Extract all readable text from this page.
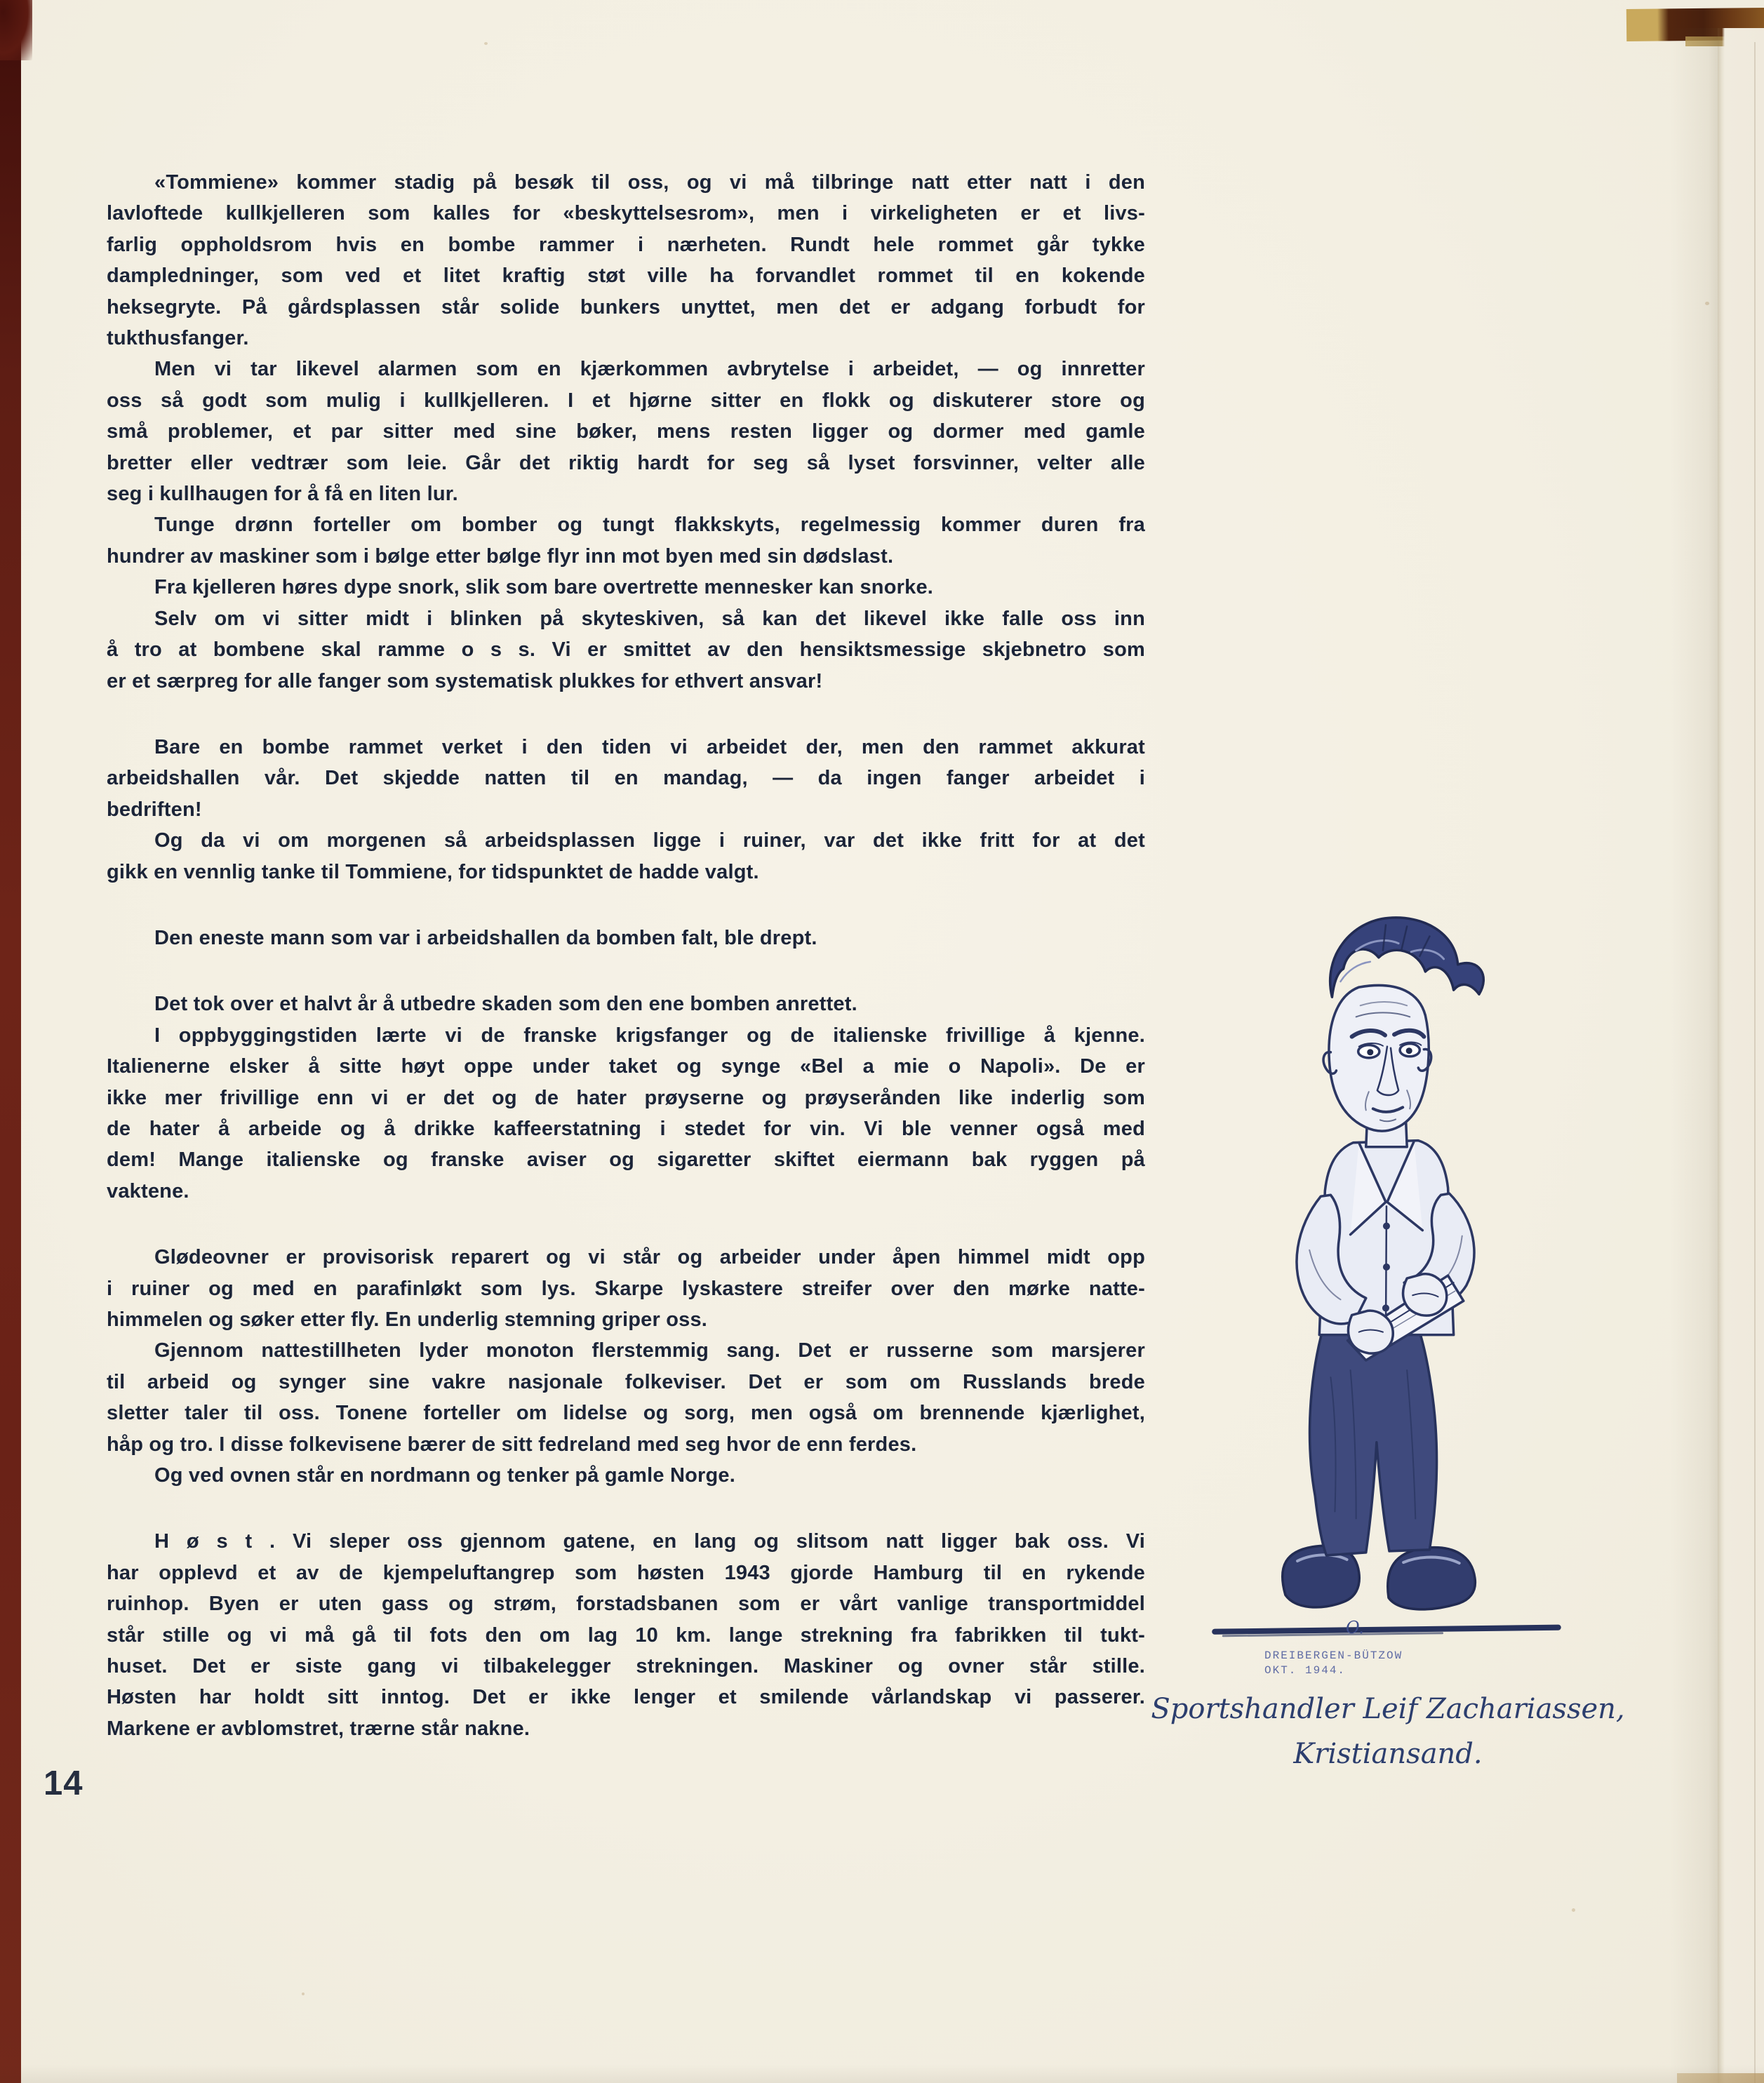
«Tommiene» kommer stadig på besøk til oss, og vi må tilbringe natt etter natt i den
lavloftede kullkjelleren som kalles for «beskyttelsesrom», men i virkeligheten er et livs-
farlig oppholdsrom hvis en bombe rammer i nærheten. Rundt hele rommet går tykke
dampledninger, som ved et litet kraftig støt ville ha forvandlet rommet til en kokende
heksegryte. På gårdsplassen står solide bunkers unyttet, men det er adgang forbudt for
tukthusfanger.
Men vi tar likevel alarmen som en kjærkommen avbrytelse i arbeidet, — og innretter
oss så godt som mulig i kullkjelleren. I et hjørne sitter en flokk og diskuterer store og
små problemer, et par sitter med sine bøker, mens resten ligger og dormer med gamle
bretter eller vedtrær som leie. Går det riktig hardt for seg så lyset forsvinner, velter alle
seg i kullhaugen for å få en liten lur.
Tunge drønn forteller om bomber og tungt flakkskyts, regelmessig kommer duren fra
hundrer av maskiner som i bølge etter bølge flyr inn mot byen med sin dødslast.
Fra kjelleren høres dype snork, slik som bare overtrette mennesker kan snorke.
Selv om vi sitter midt i blinken på skyteskiven, så kan det likevel ikke falle oss inn
å tro at bombene skal ramme o s s. Vi er smittet av den hensiktsmessige skjebnetro som
er et særpreg for alle fanger som systematisk plukkes for ethvert ansvar!
Bare en bombe rammet verket i den tiden vi arbeidet der, men den rammet akkurat
arbeidshallen vår. Det skjedde natten til en mandag, — da ingen fanger arbeidet i
bedriften!
Og da vi om morgenen så arbeidsplassen ligge i ruiner, var det ikke fritt for at det
gikk en vennlig tanke til Tommiene, for tidspunktet de hadde valgt.
Den eneste mann som var i arbeidshallen da bomben falt, ble drept.
Det tok over et halvt år å utbedre skaden som den ene bomben anrettet.
I oppbyggingstiden lærte vi de franske krigsfanger og de italienske frivillige å kjenne.
Italienerne elsker å sitte høyt oppe under taket og synge «Bel a mie o Napoli». De er
ikke mer frivillige enn vi er det og de hater prøyserne og prøyserånden like inderlig som
de hater å arbeide og å drikke kaffeerstatning i stedet for vin. Vi ble venner også med
dem! Mange italienske og franske aviser og sigaretter skiftet eiermann bak ryggen på
vaktene.
Glødeovner er provisorisk reparert og vi står og arbeider under åpen himmel midt opp
i ruiner og med en parafinløkt som lys. Skarpe lyskastere streifer over den mørke natte-
himmelen og søker etter fly. En underlig stemning griper oss.
Gjennom nattestillheten lyder monoton flerstemmig sang. Det er russerne som marsjerer
til arbeid og synger sine vakre nasjonale folkeviser. Det er som om Russlands brede
sletter taler til oss. Tonene forteller om lidelse og sorg, men også om brennende kjærlighet,
håp og tro. I disse folkevisene bærer de sitt fedreland med seg hvor de enn ferdes.
Og ved ovnen står en nordmann og tenker på gamle Norge.
H ø s t . Vi sleper oss gjennom gatene, en lang og slitsom natt ligger bak oss. Vi
har opplevd et av de kjempeluftangrep som høsten 1943 gjorde Hamburg til en rykende
ruinhop. Byen er uten gass og strøm, forstadsbanen som er vårt vanlige transportmiddel
står stille og vi må gå til fots den om lag 10 km. lange strekning fra fabrikken til tukt-
huset. Det er siste gang vi tilbakelegger strekningen. Maskiner og ovner står stille.
Høsten har holdt sitt inntog. Det er ikke lenger et smilende vårlandskap vi passerer.
Markene er avblomstret, trærne står nakne.
O.
DREIBERGEN-BÜTZOW
OKT. 1944.
Sportshandler Leif Zachariassen,
Kristiansand.
14
